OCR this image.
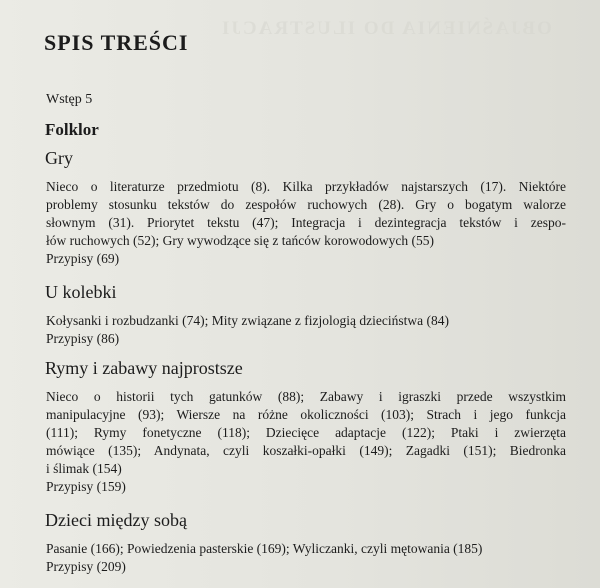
OBJAŚNIENIA DO ILUSTRACJI
SPIS TREŚCI
Wstęp 5
Folklor
Gry
Nieco o literaturze przedmiotu (8). Kilka przykładów najstarszych (17). Niektóre
problemy stosunku tekstów do zespołów ruchowych (28). Gry o bogatym walorze
słownym (31). Priorytet tekstu (47); Integracja i dezintegracja tekstów i zespo-
łów ruchowych (52); Gry wywodzące się z tańców korowodowych (55)
Przypisy (69)
U kolebki
Kołysanki i rozbudzanki (74); Mity związane z fizjologią dzieciństwa (84)
Przypisy (86)
Rymy i zabawy najprostsze
Nieco o historii tych gatunków (88); Zabawy i igraszki przede wszystkim
manipulacyjne (93); Wiersze na różne okoliczności (103); Strach i jego funkcja
(111); Rymy fonetyczne (118); Dziecięce adaptacje (122); Ptaki i zwierzęta
mówiące (135); Andynata, czyli koszałki-opałki (149); Zagadki (151); Biedronka
i ślimak (154)
Przypisy (159)
Dzieci między sobą
Pasanie (166); Powiedzenia pasterskie (169); Wyliczanki, czyli mętowania (185)
Przypisy (209)
